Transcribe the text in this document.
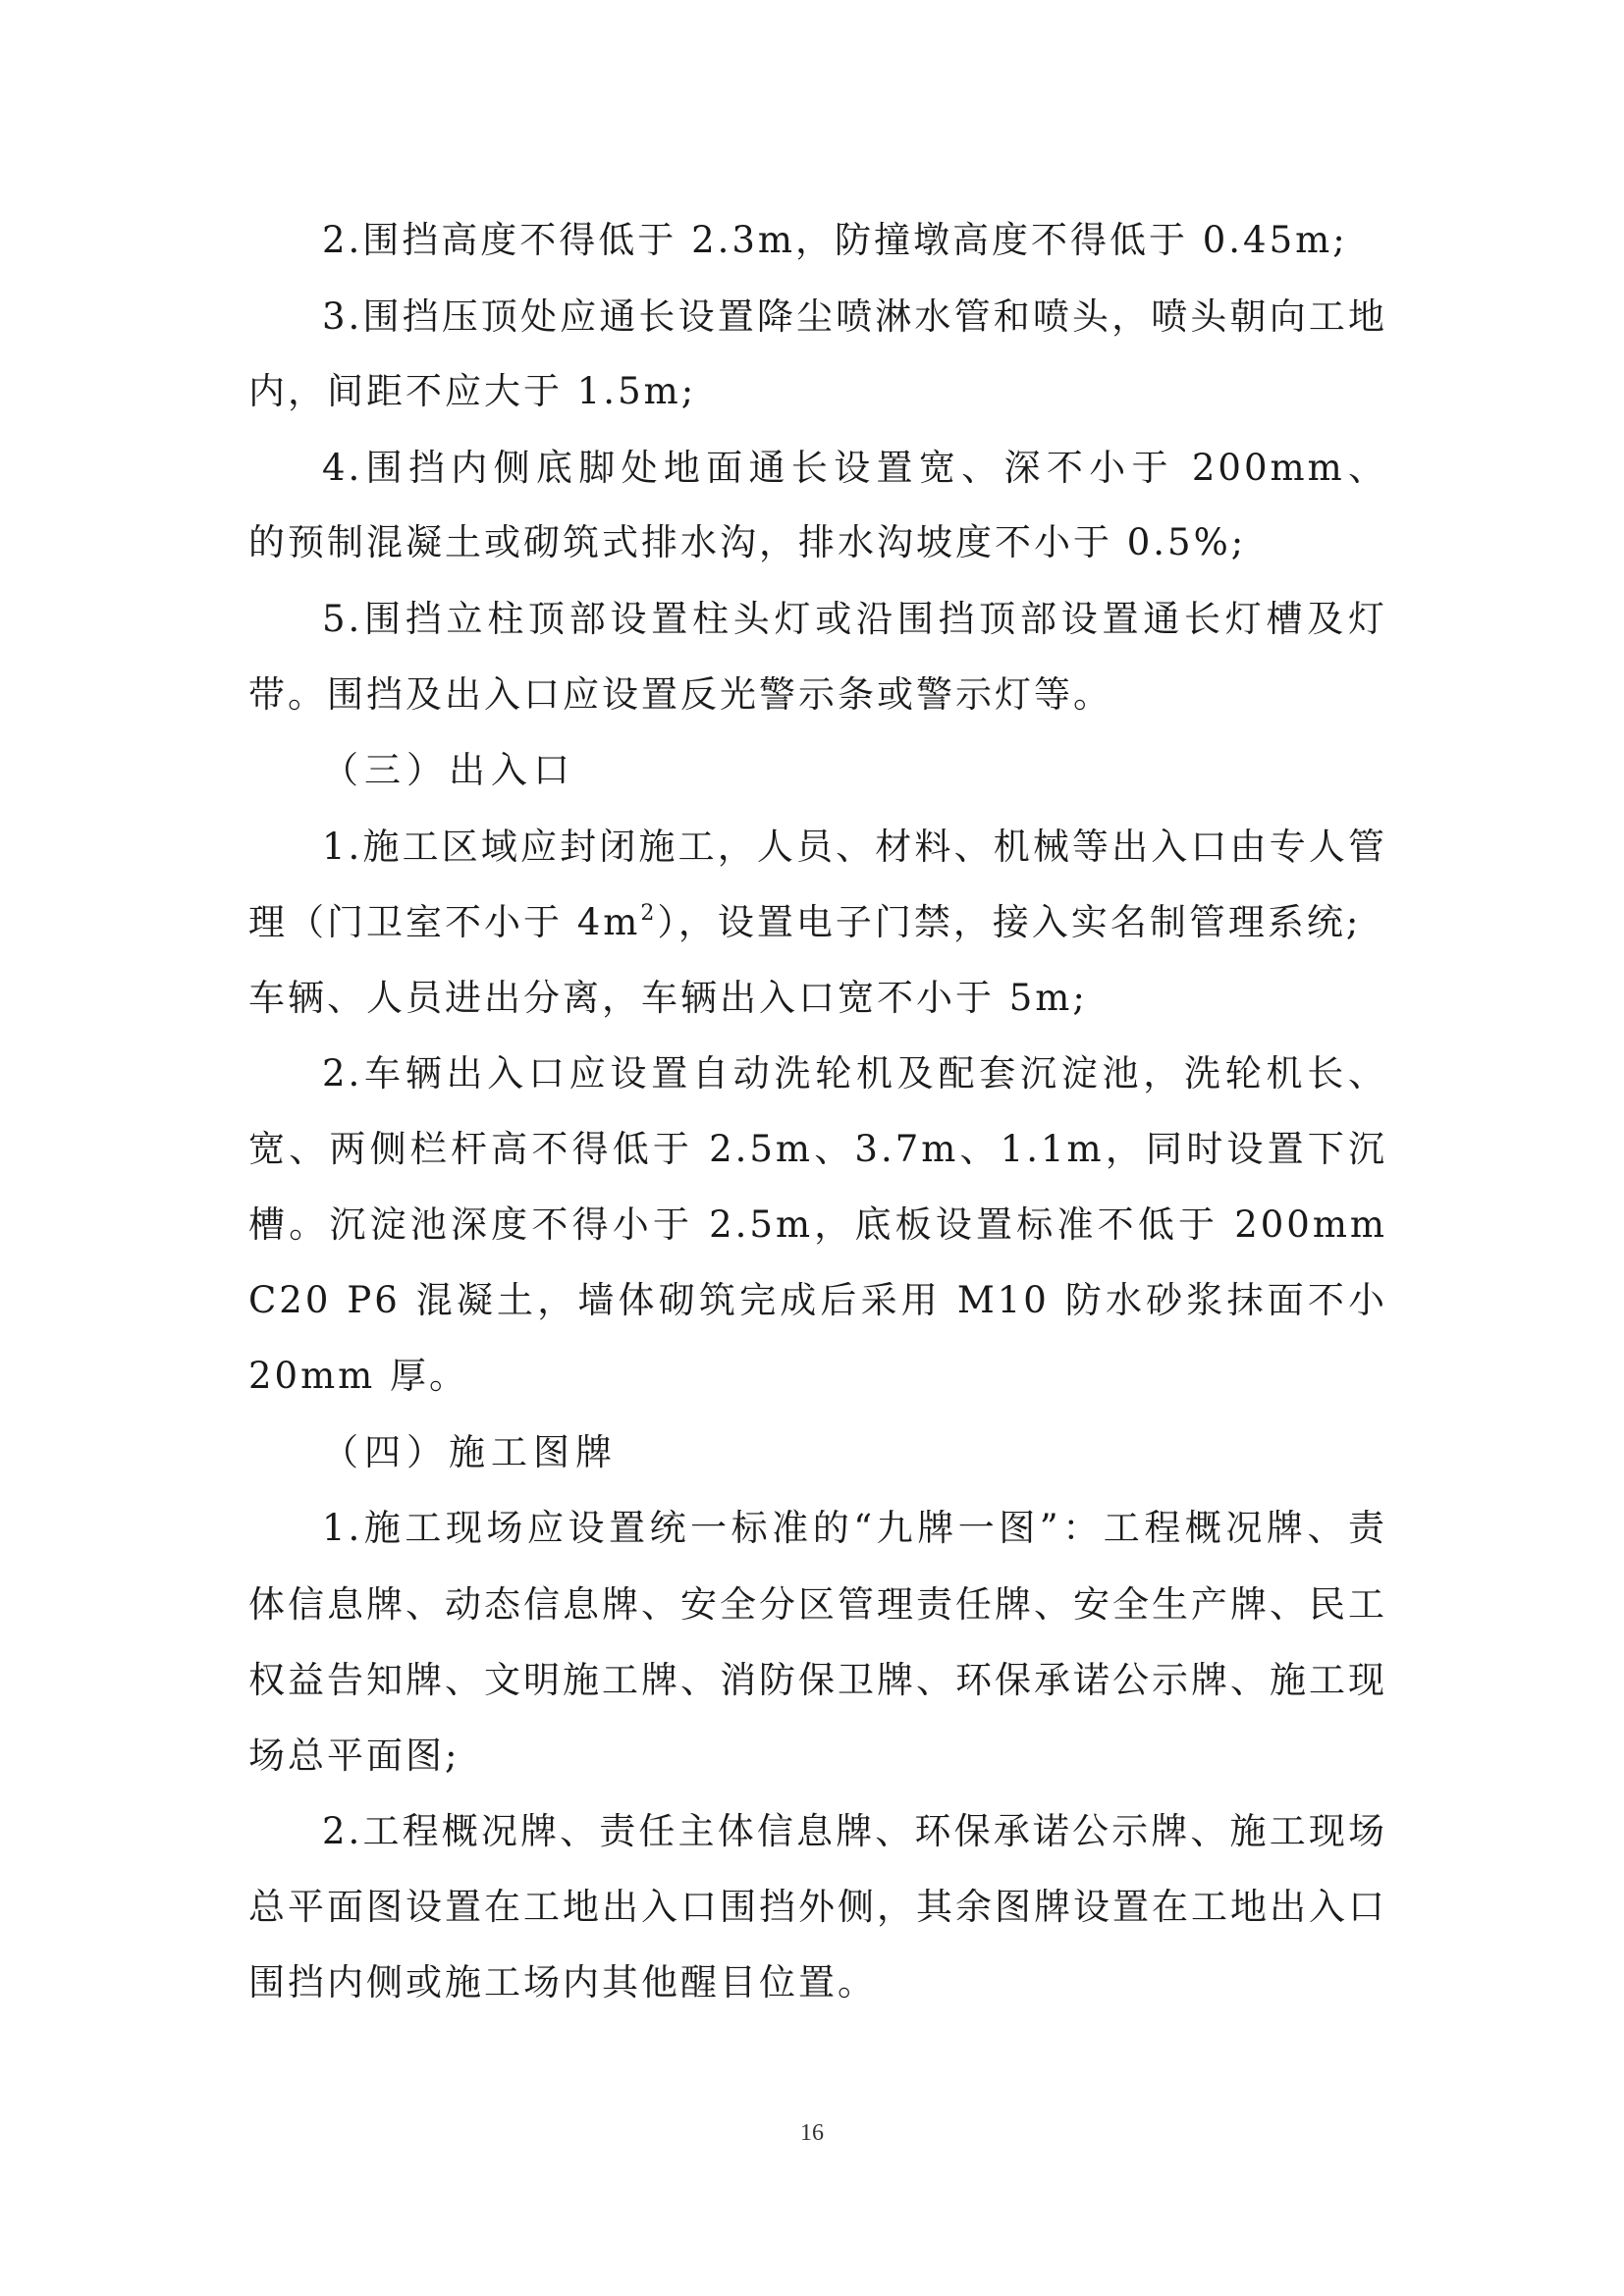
2.围挡高度不得低于 2.3m，防撞墩高度不得低于 0.45m;
3.围挡压顶处应通长设置降尘喷淋水管和喷头，喷头朝向工地
内，间距不应大于 1.5m;
4.围挡内侧底脚处地面通长设置宽、深不小于 200mm、
的预制混凝土或砌筑式排水沟，排水沟坡度不小于 0.5%;
5.围挡立柱顶部设置柱头灯或沿围挡顶部设置通长灯槽及灯
带。围挡及出入口应设置反光警示条或警示灯等。
（三）出入口
1.施工区域应封闭施工，人员、材料、机械等出入口由专人管
理（门卫室不小于 $4m^2$），设置电子门禁，接入实名制管理系统;
车辆、人员进出分离，车辆出入口宽不小于 5m;
2.车辆出入口应设置自动洗轮机及配套沉淀池，洗轮机长、
宽、两侧栏杆高不得低于 2.5m、3.7m、1.1m，同时设置下沉
槽。沉淀池深度不得小于 2.5m，底板设置标准不低于 200mm
C20 P6 混凝土，墙体砌筑完成后采用 M10 防水砂浆抹面不小
20mm 厚。
（四）施工图牌
1.施工现场应设置统一标准的“九牌一图”：工程概况牌、责
体信息牌、动态信息牌、安全分区管理责任牌、安全生产牌、民工
权益告知牌、文明施工牌、消防保卫牌、环保承诺公示牌、施工现
场总平面图;
2.工程概况牌、责任主体信息牌、环保承诺公示牌、施工现场
总平面图设置在工地出入口围挡外侧，其余图牌设置在工地出入口
围挡内侧或施工场内其他醒目位置。
16
